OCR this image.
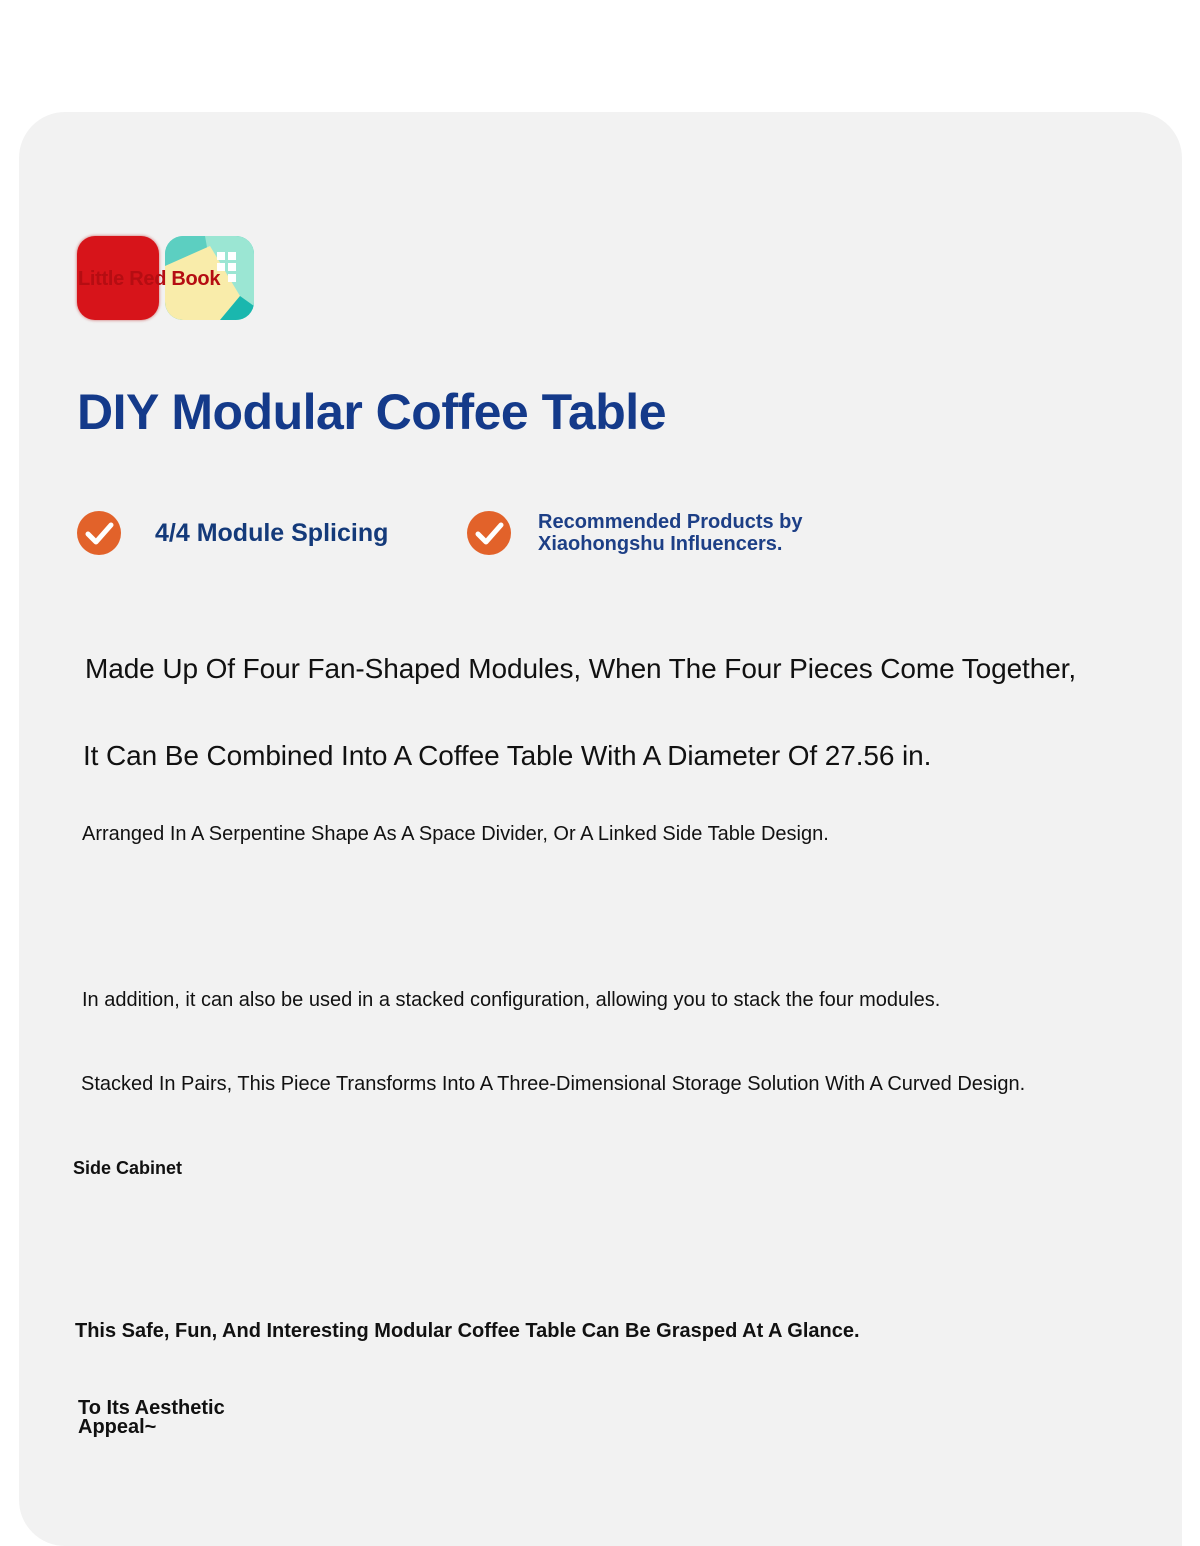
Little Red Book
DIY Modular Coffee Table
4/4 Module Splicing	Recommended Products by Xiaohongshu Influencers.
Made Up Of Four Fan-Shaped Modules, When The Four Pieces Come Together,
It Can Be Combined Into A Coffee Table With A Diameter Of 27.56 in.
Arranged In A Serpentine Shape As A Space Divider, Or A Linked Side Table Design.
In addition, it can also be used in a stacked configuration, allowing you to stack the four modules.
Stacked In Pairs, This Piece Transforms Into A Three-Dimensional Storage Solution With A Curved Design.
Side Cabinet
This Safe, Fun, And Interesting Modular Coffee Table Can Be Grasped At A Glance.
To Its Aesthetic Appeal~
